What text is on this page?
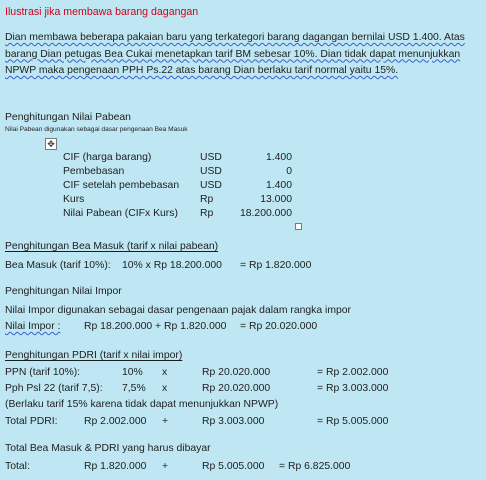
Ilustrasi jika membawa barang dagangan
Dian membawa beberapa pakaian baru yang terkategori barang dagangan bernilai USD 1.400. Atas barang Dian petugas Bea Cukai menetapkan tarif BM sebesar 10%. Dian tidak dapat menunjukkan NPWP maka pengenaan PPH Ps.22 atas barang Dian berlaku tarif normal yaitu 15%.
Penghitungan Nilai Pabean
Nilai Pabean digunakan sebagai dasar pengenaan Bea Masuk
✥
CIF (harga barang)	USD	1.400
Pembebasan	USD	0
CIF setelah pembebasan USD	1.400
Kurs	Rp	13.000
Nilai Pabean (CIFx Kurs) Rp	18.200.000
Penghitungan Bea Masuk (tarif x nilai pabean)
Bea Masuk (tarif 10%): 10% x Rp 18.200.000 = Rp 1.820.000
Penghitungan Nilai Impor
Nilai Impor digunakan sebagai dasar pengenaan pajak dalam rangka impor
Nilai Impor : Rp 18.200.000 + Rp 1.820.000 = Rp 20.020.000
Penghitungan PDRI (tarif x nilai impor)
PPN (tarif 10%):	10% x	Rp 20.020.000	= Rp 2.002.000
Pph Psl 22 (tarif 7,5): 7,5% x	Rp 20.020.000	= Rp 3.003.000
(Berlaku tarif 15% karena tidak dapat menunjukkan NPWP)
Total PDRI:	Rp 2.002.000 +	Rp 3.003.000	= Rp 5.005.000
Total Bea Masuk & PDRI yang harus dibayar
Total:	Rp 1.820.000 +	Rp 5.005.000 = Rp 6.825.000
